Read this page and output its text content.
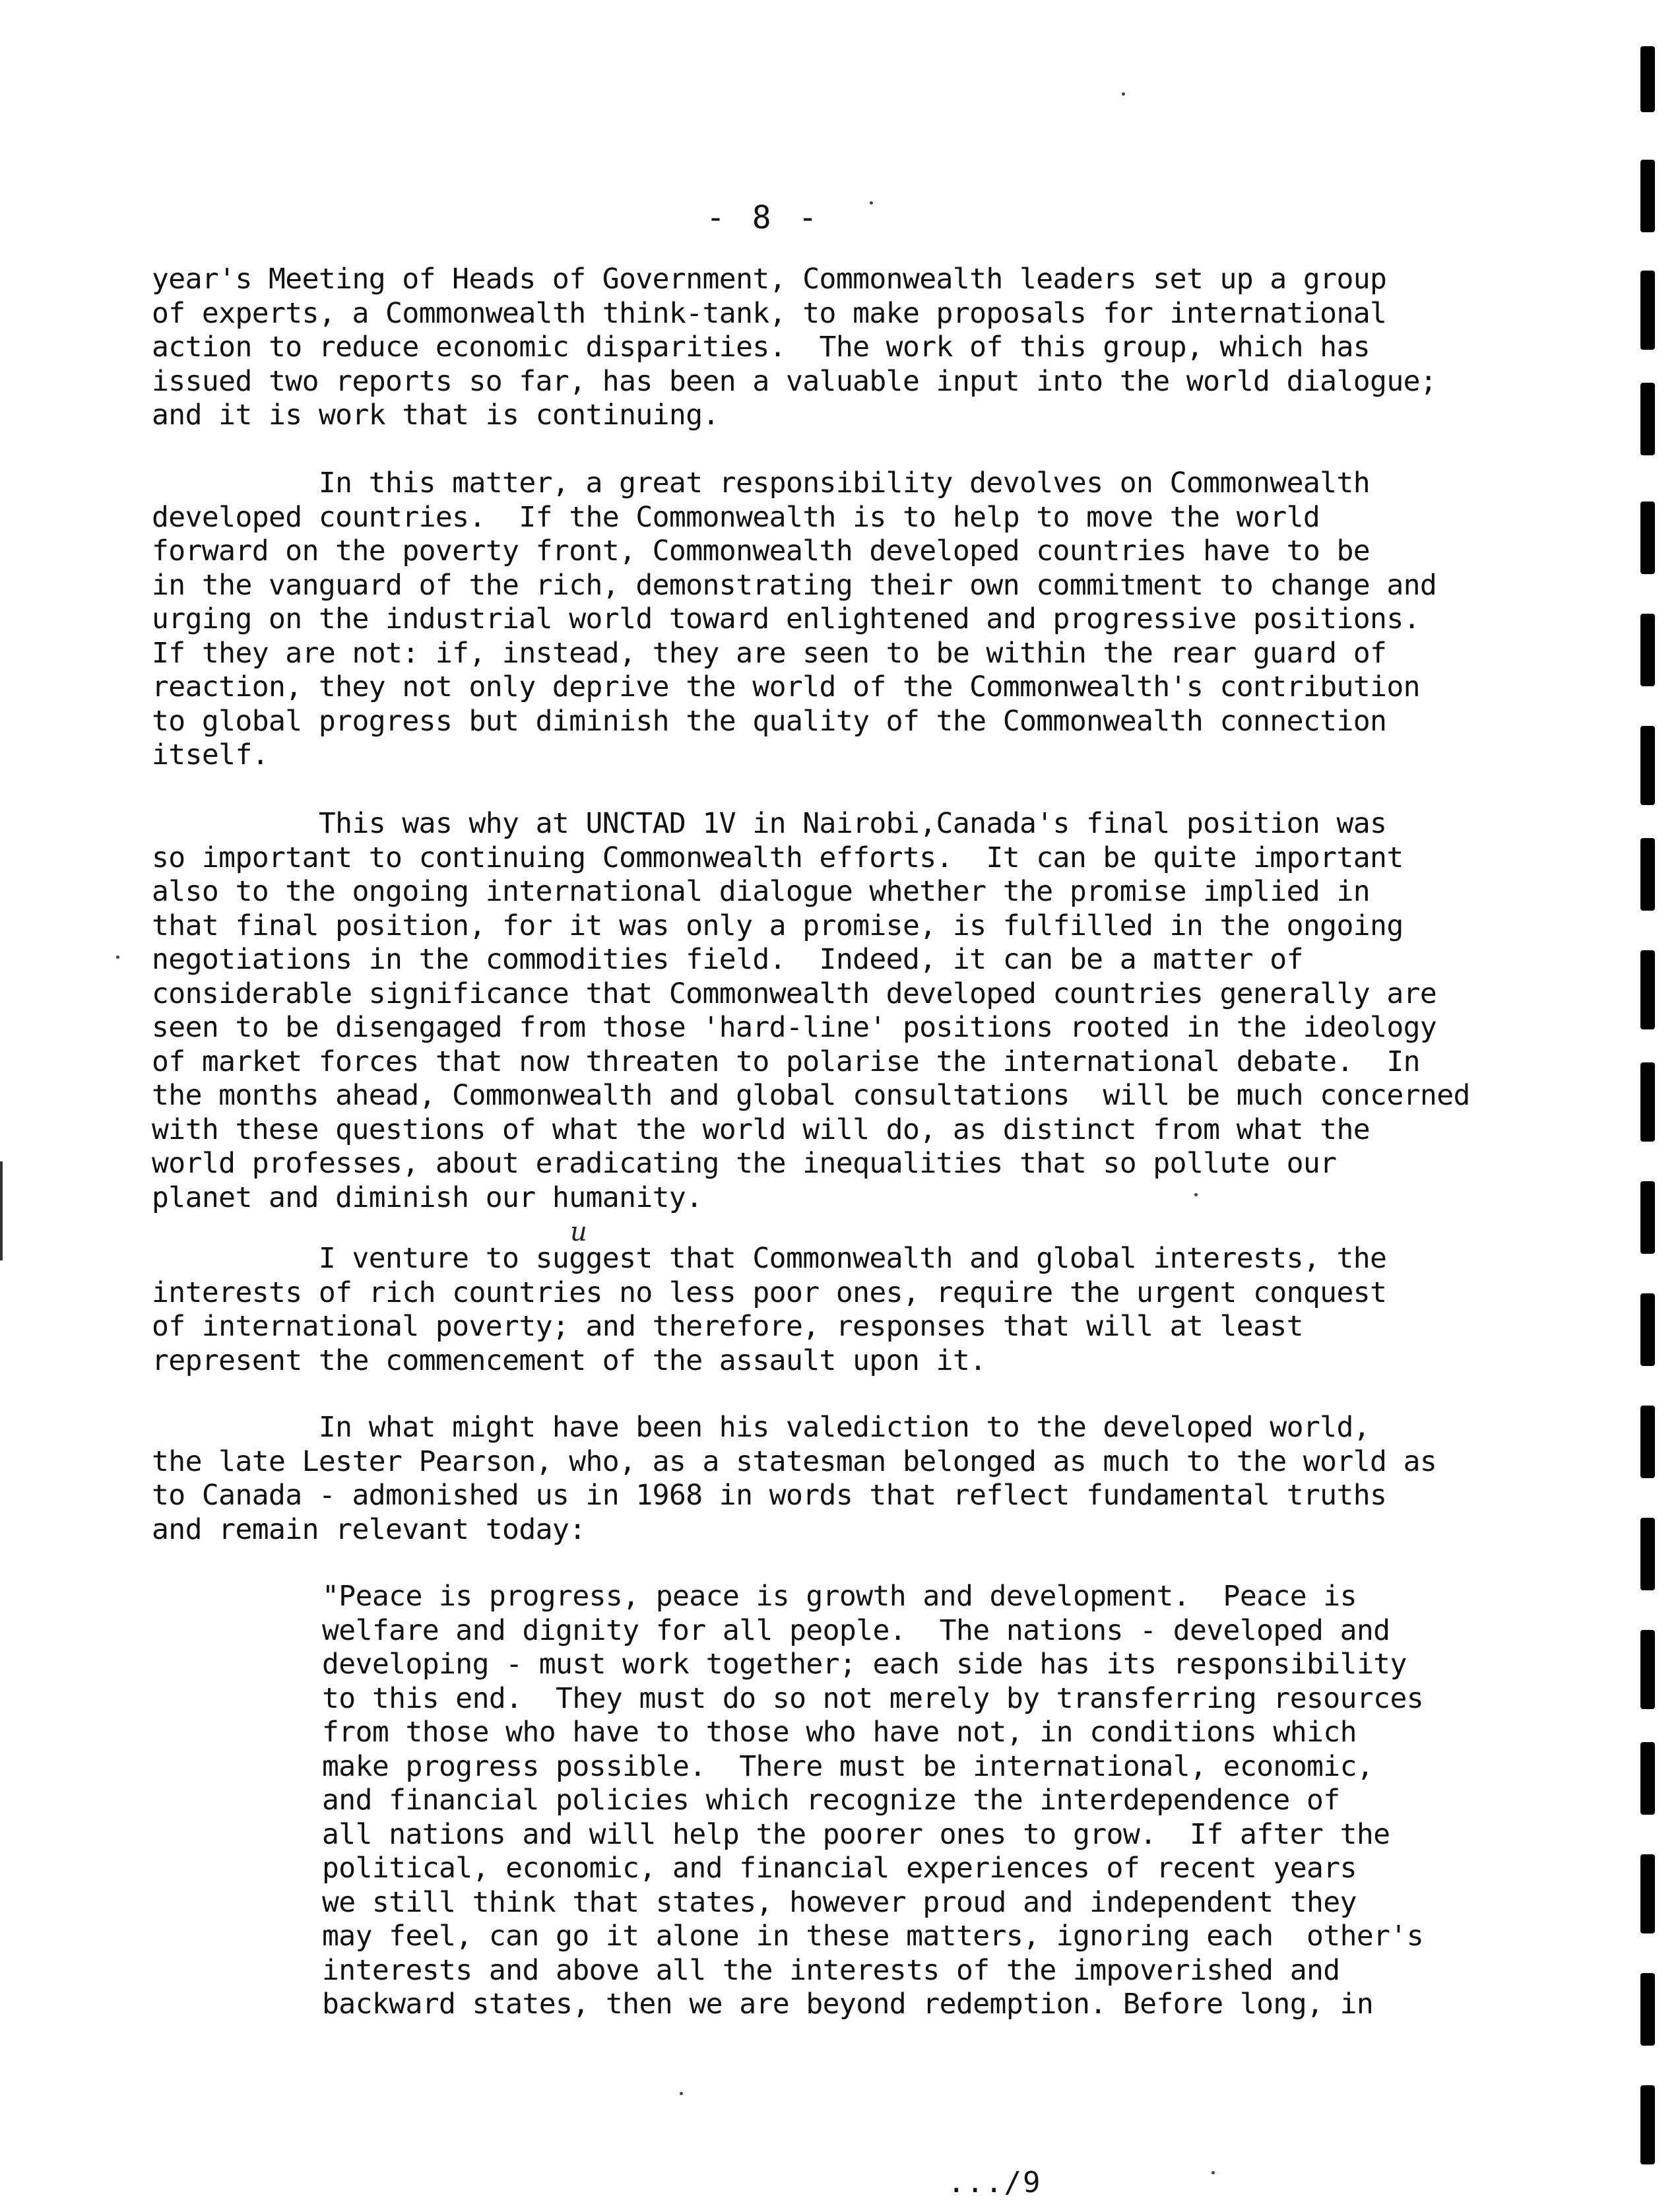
- 8 -

year's Meeting of Heads of Government, Commonwealth leaders set up a group
of experts, a Commonwealth think-tank, to make proposals for international
action to reduce economic disparities.  The work of this group, which has
issued two reports so far, has been a valuable input into the world dialogue;
and it is work that is continuing.

In this matter, a great responsibility devolves on Commonwealth
developed countries.  If the Commonwealth is to help to move the world
forward on the poverty front, Commonwealth developed countries have to be
in the vanguard of the rich, demonstrating their own commitment to change and
urging on the industrial world toward enlightened and progressive positions.
If they are not: if, instead, they are seen to be within the rear guard of
reaction, they not only deprive the world of the Commonwealth's contribution
to global progress but diminish the quality of the Commonwealth connection
itself.

This was why at UNCTAD 1V in Nairobi,Canada's final position was
so important to continuing Commonwealth efforts.  It can be quite important
also to the ongoing international dialogue whether the promise implied in
that final position, for it was only a promise, is fulfilled in the ongoing
negotiations in the commodities field.  Indeed, it can be a matter of
considerable significance that Commonwealth developed countries generally are
seen to be disengaged from those 'hard-line' positions rooted in the ideology
of market forces that now threaten to polarise the international debate.  In
the months ahead, Commonwealth and global consultations  will be much concerned
with these questions of what the world will do, as distinct from what the
world professes, about eradicating the inequalities that so pollute our
planet and diminish our humanity.

u

I venture to suggest that Commonwealth and global interests, the
interests of rich countries no less poor ones, require the urgent conquest
of international poverty; and therefore, responses that will at least
represent the commencement of the assault upon it.

In what might have been his valediction to the developed world,
the late Lester Pearson, who, as a statesman belonged as much to the world as
to Canada - admonished us in 1968 in words that reflect fundamental truths
and remain relevant today:

"Peace is progress, peace is growth and development.  Peace is
welfare and dignity for all people.  The nations - developed and
developing - must work together; each side has its responsibility
to this end.  They must do so not merely by transferring resources
from those who have to those who have not, in conditions which
make progress possible.  There must be international, economic,
and financial policies which recognize the interdependence of
all nations and will help the poorer ones to grow.  If after the
political, economic, and financial experiences of recent years
we still think that states, however proud and independent they
may feel, can go it alone in these matters, ignoring each  other's
interests and above all the interests of the impoverished and
backward states, then we are beyond redemption. Before long, in

.../9
